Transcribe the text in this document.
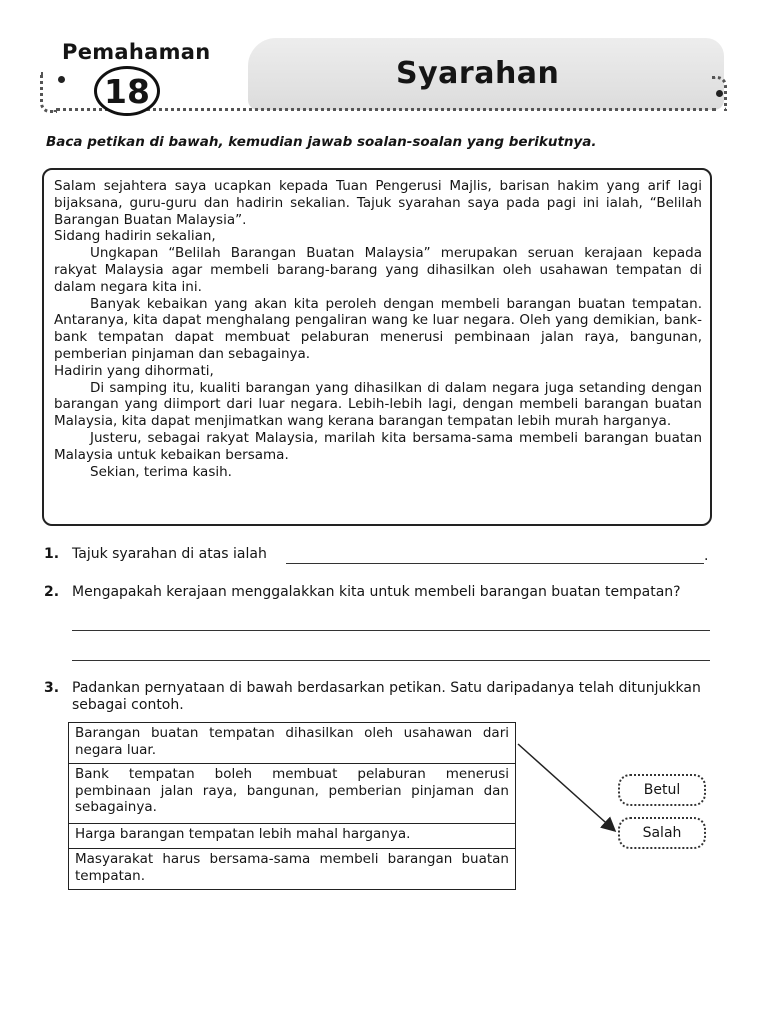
Pemahaman
18	Syarahan
Baca petikan di bawah, kemudian jawab soalan-soalan yang berikutnya.

Salam sejahtera saya ucapkan kepada Tuan Pengerusi Majlis, barisan hakim yang arif lagi bijaksana, guru-guru dan hadirin sekalian. Tajuk syarahan saya pada pagi ini ialah, “Belilah Barangan Buatan Malaysia”.

Sidang hadirin sekalian,

Ungkapan “Belilah Barangan Buatan Malaysia” merupakan seruan kerajaan kepada rakyat Malaysia agar membeli barang-barang yang dihasilkan oleh usahawan tempatan di dalam negara kita ini.

Banyak kebaikan yang akan kita peroleh dengan membeli barangan buatan tempatan. Antaranya, kita dapat menghalang pengaliran wang ke luar negara. Oleh yang demikian, bank-bank tempatan dapat membuat pelaburan menerusi pembinaan jalan raya, bangunan, pemberian pinjaman dan sebagainya.

Hadirin yang dihormati,

Di samping itu, kualiti barangan yang dihasilkan di dalam negara juga setanding dengan barangan yang diimport dari luar negara. Lebih-lebih lagi, dengan membeli barangan buatan Malaysia, kita dapat menjimatkan wang kerana barangan tempatan lebih murah harganya.

Justeru, sebagai rakyat Malaysia, marilah kita bersama-sama membeli barangan buatan Malaysia untuk kebaikan bersama.

Sekian, terima kasih.

1. Tajuk syarahan di atas ialah	.
2. Mengapakah kerajaan menggalakkan kita untuk membeli barangan buatan tempatan?
3. Padankan pernyataan di bawah berdasarkan petikan. Satu daripadanya telah ditunjukkan sebagai contoh.
Barangan buatan tempatan dihasilkan oleh usahawan dari negara luar.
Bank tempatan boleh membuat pelaburan menerusi pembinaan jalan raya, bangunan, pemberian pinjaman dan sebagainya.
Harga barangan tempatan lebih mahal harganya.
Masyarakat harus bersama-sama membeli barangan buatan tempatan.
Betul
Salah
